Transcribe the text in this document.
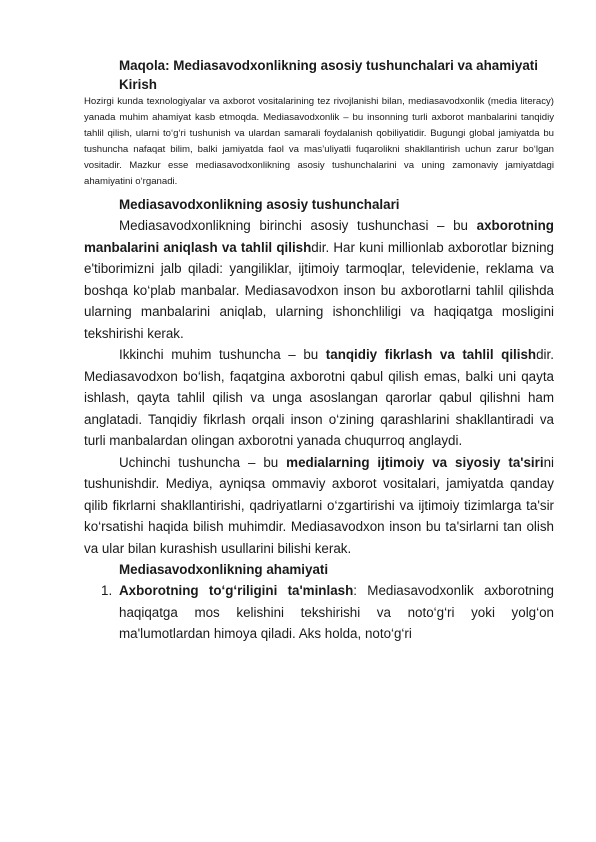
Maqola: Mediasavodxonlikning asosiy tushunchalari va ahamiyati

Kirish

Hozirgi kunda texnologiyalar va axborot vositalarining tez rivojlanishi bilan, mediasavodxonlik (media literacy) yanada muhim ahamiyat kasb etmoqda. Mediasavodxonlik – bu insonning turli axborot manbalarini tanqidiy tahlil qilish, ularni to‘g‘ri tushunish va ulardan samarali foydalanish qobiliyatidir. Bugungi global jamiyatda bu tushuncha nafaqat bilim, balki jamiyatda faol va mas’uliyatli fuqarolikni shakllantirish uchun zarur bo‘lgan vositadir. Mazkur esse mediasavodxonlikning asosiy tushunchalarini va uning zamonaviy jamiyatdagi ahamiyatini o‘rganadi.

Mediasavodxonlikning asosiy tushunchalari

Mediasavodxonlikning birinchi asosiy tushunchasi – bu axborotning manbalarini aniqlash va tahlil qilishdir. Har kuni millionlab axborotlar bizning e'tiborimizni jalb qiladi: yangiliklar, ijtimoiy tarmoqlar, televidenie, reklama va boshqa ko‘plab manbalar. Mediasavodxon inson bu axborotlarni tahlil qilishda ularning manbalarini aniqlab, ularning ishonchliligi va haqiqatga mosligini tekshirishi kerak.

Ikkinchi muhim tushuncha – bu tanqidiy fikrlash va tahlil qilishdir. Mediasavodxon bo‘lish, faqatgina axborotni qabul qilish emas, balki uni qayta ishlash, qayta tahlil qilish va unga asoslangan qarorlar qabul qilishni ham anglatadi. Tanqidiy fikrlash orqali inson o‘zining qarashlarini shakllantiradi va turli manbalardan olingan axborotni yanada chuqurroq anglaydi.

Uchinchi tushuncha – bu medialarning ijtimoiy va siyosiy ta'sirini tushunishdir. Mediya, ayniqsa ommaviy axborot vositalari, jamiyatda qanday qilib fikrlarni shakllantirishi, qadriyatlarni o‘zgartirishi va ijtimoiy tizimlarga ta'sir ko‘rsatishi haqida bilish muhimdir. Mediasavodxon inson bu ta'sirlarni tan olish va ular bilan kurashish usullarini bilishi kerak.

Mediasavodxonlikning ahamiyati

1. Axborotning to‘g‘riligini ta'minlash: Mediasavodxonlik axborotning haqiqatga mos kelishini tekshirishi va noto‘g‘ri yoki yolg‘on ma'lumotlardan himoya qiladi. Aks holda, noto‘g‘ri
